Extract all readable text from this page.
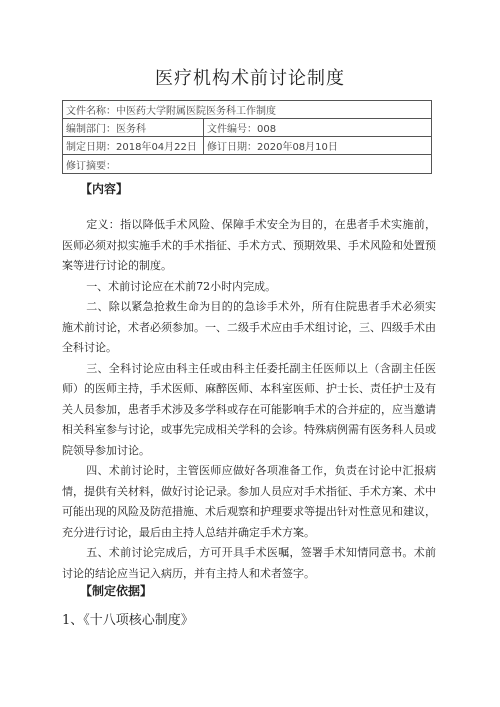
医疗机构术前讨论制度
文件名称：中医药大学附属医院医务科工作制度	
编制部门：医务科	文件编号：008
制定日期：2018年04月22日	修订日期：2020年08月10日
修订摘要：	
【内容】

定义：指以降低手术风险、保障手术安全为目的，在患者手术实施前，医师必须对拟实施手术的手术指征、手术方式、预期效果、手术风险和处置预案等进行讨论的制度。

一、术前讨论应在术前72小时内完成。

二、除以紧急抢救生命为目的的急诊手术外，所有住院患者手术必须实施术前讨论，术者必须参加。一、二级手术应由手术组讨论，三、四级手术由全科讨论。

三、全科讨论应由科主任或由科主任委托副主任医师以上（含副主任医师）的医师主持，手术医师、麻醉医师、本科室医师、护士长、责任护士及有关人员参加，患者手术涉及多学科或存在可能影响手术的合并症的，应当邀请相关科室参与讨论，或事先完成相关学科的会诊。特殊病例需有医务科人员或院领导参加讨论。

四、术前讨论时，主管医师应做好各项准备工作，负责在讨论中汇报病情，提供有关材料，做好讨论记录。参加人员应对手术指征、手术方案、术中可能出现的风险及防范措施、术后观察和护理要求等提出针对性意见和建议，充分进行讨论，最后由主持人总结并确定手术方案。

五、术前讨论完成后，方可开具手术医嘱，签署手术知情同意书。术前讨论的结论应当记入病历，并有主持人和术者签字。

【制定依据】
1、《十八项核心制度》
